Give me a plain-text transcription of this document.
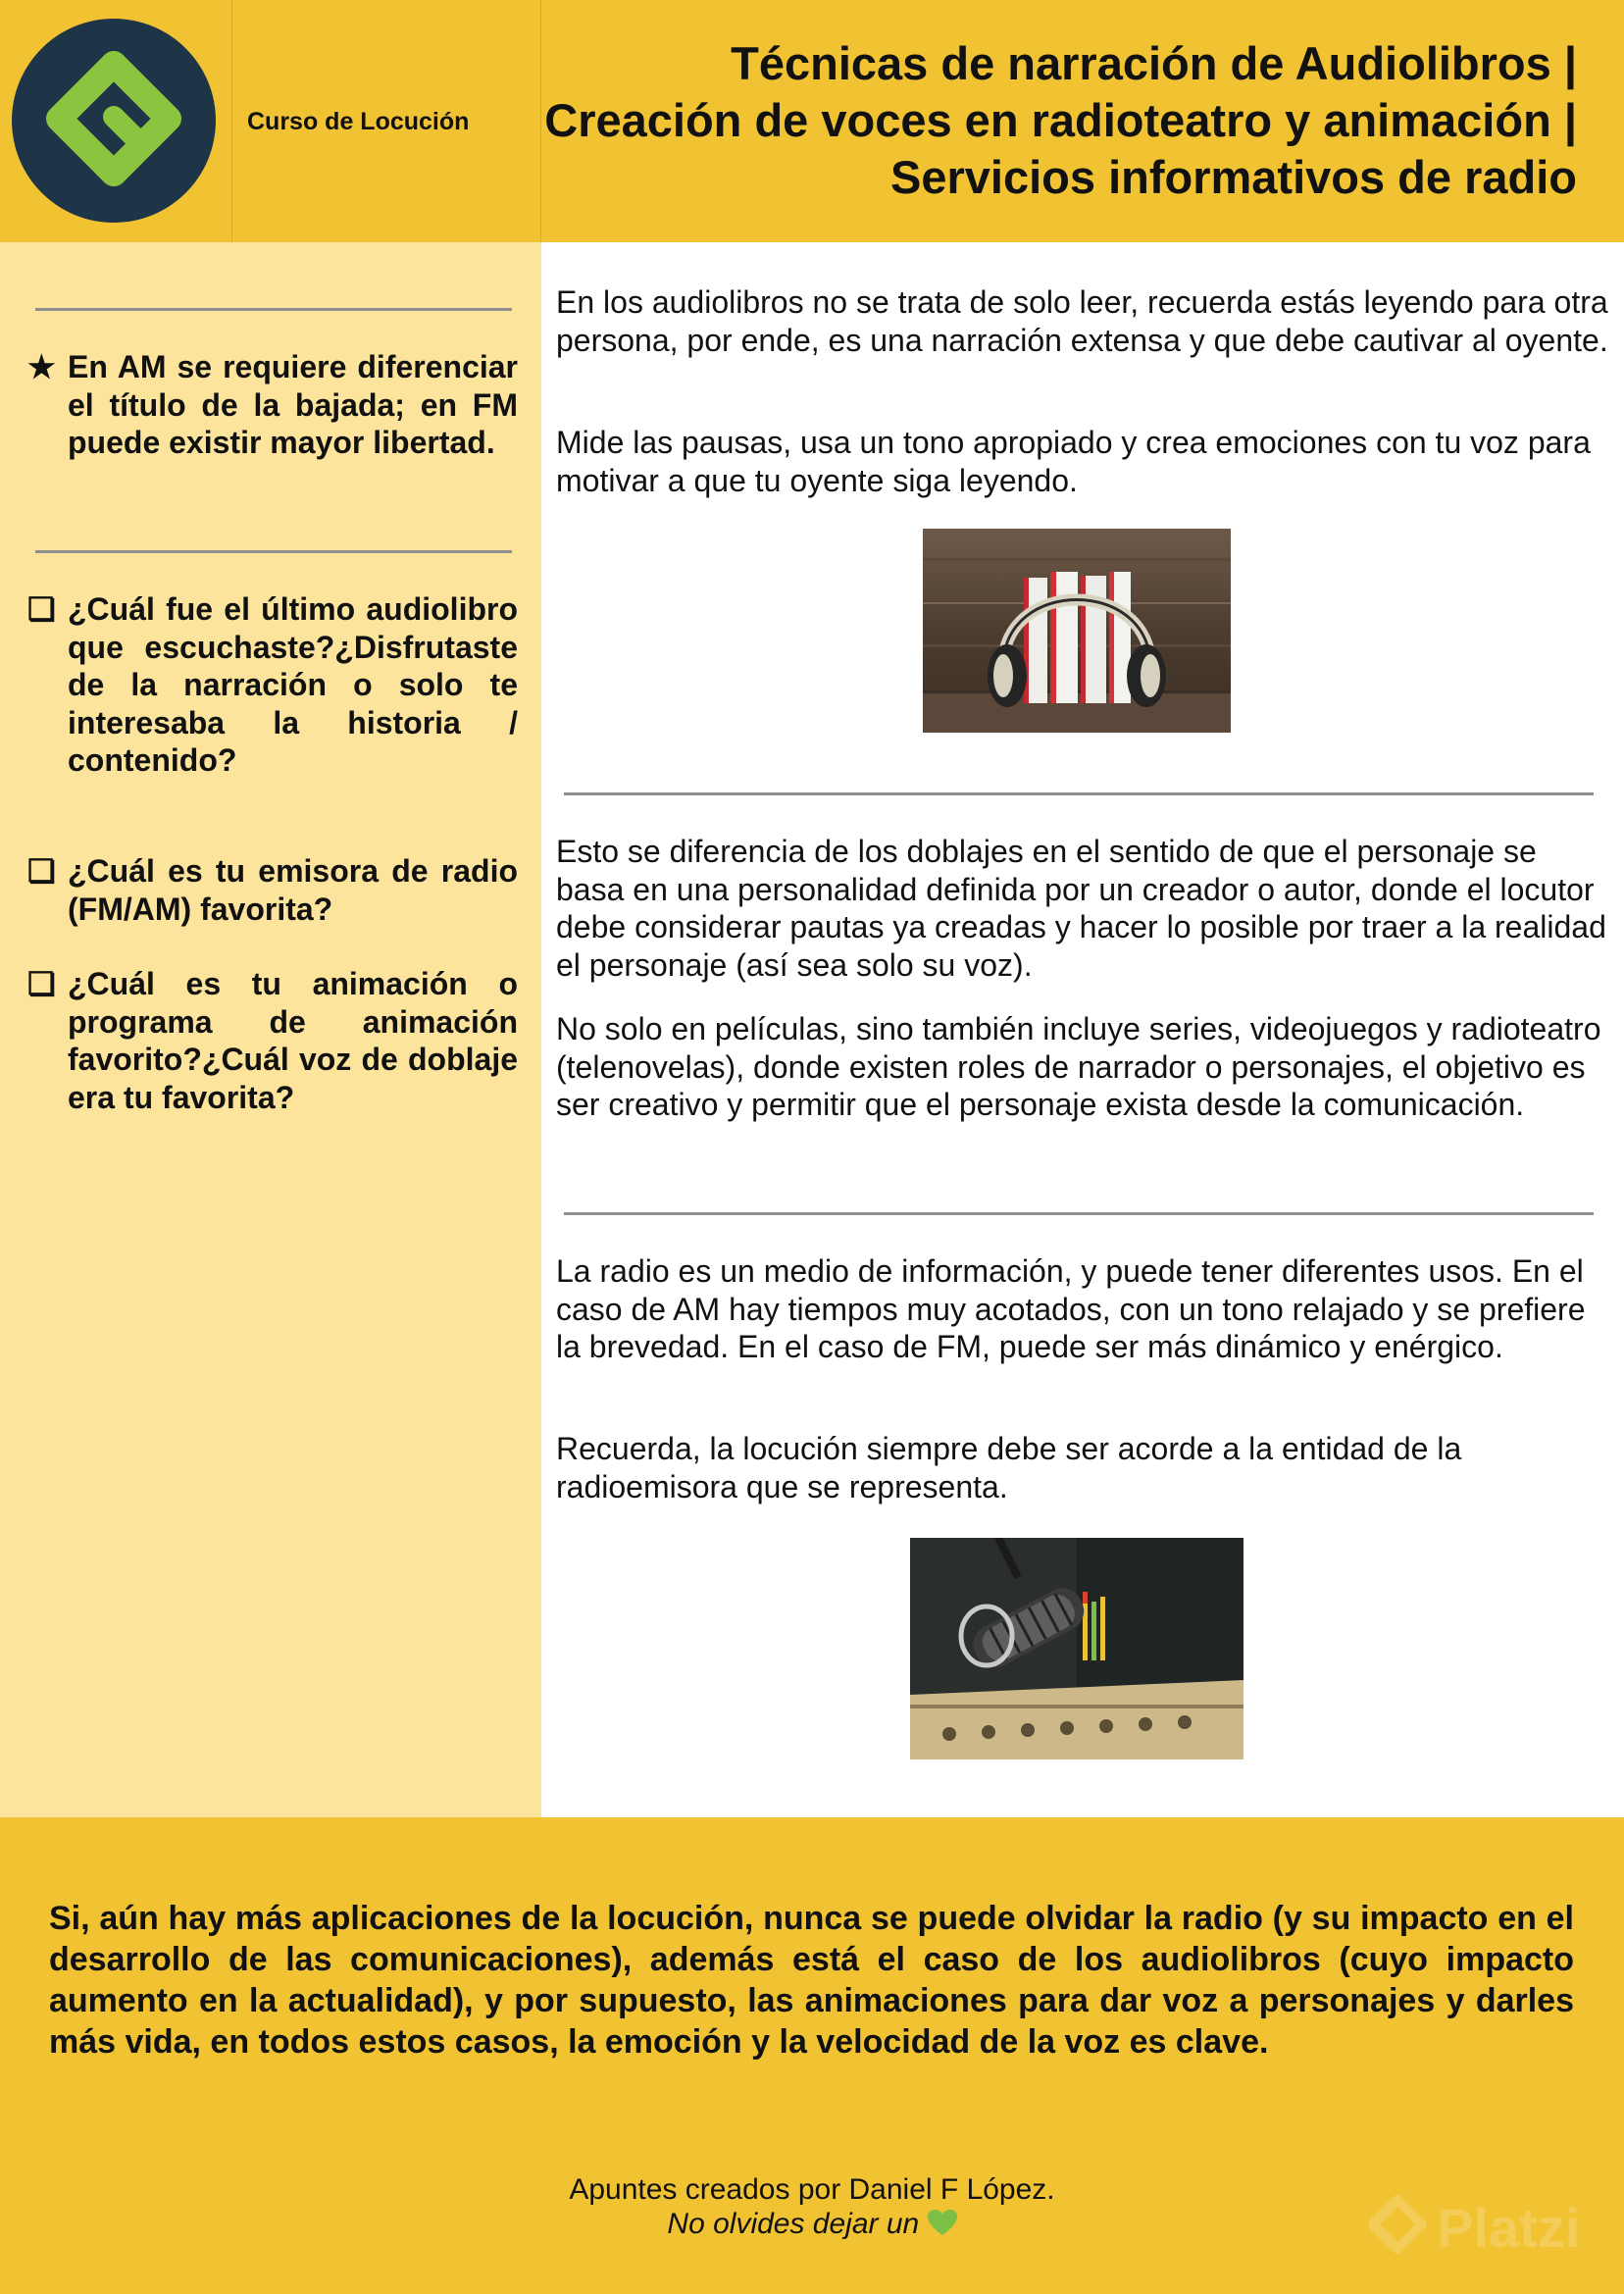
Curso de Locución
Técnicas de narración de Audiolibros | Creación de voces en radioteatro y animación | Servicios informativos de radio
★ En AM se requiere diferenciar el título de la bajada; en FM puede existir mayor libertad.
❏ ¿Cuál fue el último audiolibro que escuchaste?¿Disfrutaste de la narración o solo te interesaba la historia / contenido?
❏ ¿Cuál es tu emisora de radio (FM/AM) favorita?
❏ ¿Cuál es tu animación o programa de animación favorito?¿Cuál voz de doblaje era tu favorita?
En los audiolibros no se trata de solo leer, recuerda estás leyendo para otra persona, por ende, es una narración extensa y que debe cautivar al oyente.
Mide las pausas, usa un tono apropiado y crea emociones con tu voz para motivar a que tu oyente siga leyendo.
Esto se diferencia de los doblajes en el sentido de que el personaje se basa en una personalidad definida por un creador o autor, donde el locutor debe considerar pautas ya creadas y hacer lo posible por traer a la realidad el personaje (así sea solo su voz).
No solo en películas, sino también incluye series, videojuegos y radioteatro (telenovelas), donde existen roles de narrador o personajes, el objetivo es ser creativo y permitir que el personaje exista desde la comunicación.
La radio es un medio de información, y puede tener diferentes usos. En el caso de AM hay tiempos muy acotados, con un tono relajado y se prefiere la brevedad. En el caso de FM, puede ser más dinámico y enérgico.
Recuerda, la locución siempre debe ser acorde a la entidad de la radioemisora que se representa.
Si, aún hay más aplicaciones de la locución, nunca se puede olvidar la radio (y su impacto en el desarrollo de las comunicaciones), además está el caso de los audiolibros (cuyo impacto aumento en la actualidad), y por supuesto, las animaciones para dar voz a personajes y darles más vida, en todos estos casos, la emoción y la velocidad de la voz es clave.
Apuntes creados por Daniel F López.
No olvides dejar un	Platzi
